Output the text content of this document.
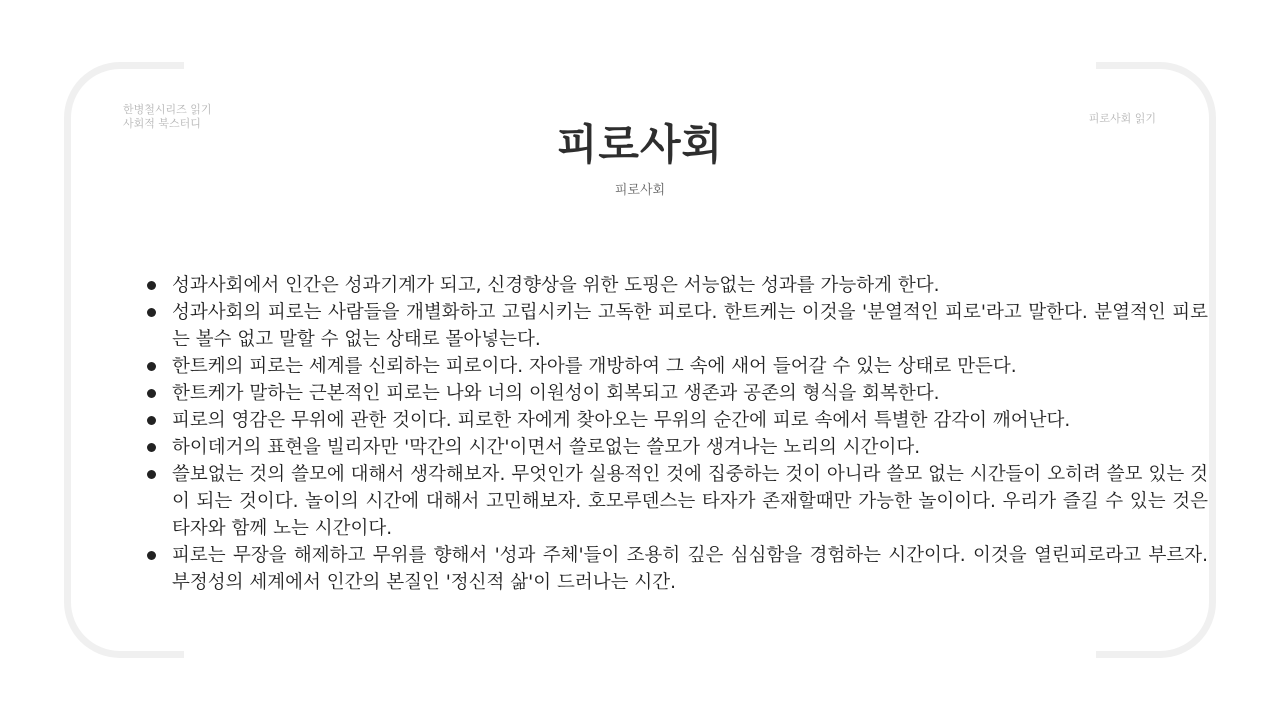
한병철시리즈 읽기
사회적 북스터디	피로사회 읽기
피로사회
피로사회
성과사회에서 인간은 성과기계가 되고, 신경향상을 위한 도핑은 서능없는 성과를 가능하게 한다.
성과사회의 피로는 사람들을 개별화하고 고립시키는 고독한 피로다. 한트케는 이것을 '분열적인 피로'라고 말한다. 분열적인 피로는 볼수 없고 말할 수 없는 상태로 몰아넣는다.
한트케의 피로는 세계를 신뢰하는 피로이다. 자아를 개방하여 그 속에 새어 들어갈 수 있는 상태로 만든다.
한트케가 말하는 근본적인 피로는 나와 너의 이원성이 회복되고 생존과 공존의 형식을 회복한다.
피로의 영감은 무위에 관한 것이다. 피로한 자에게 찾아오는 무위의 순간에 피로 속에서 특별한 감각이 깨어난다.
하이데거의 표현을 빌리자만 '막간의 시간'이면서 쓸로없는 쓸모가 생겨나는 노리의 시간이다.
쓸보없는 것의 쓸모에 대해서 생각해보자. 무엇인가 실용적인 것에 집중하는 것이 아니라 쓸모 없는 시간들이 오히려 쓸모 있는 것이 되는 것이다. 놀이의 시간에 대해서 고민해보자. 호모루덴스는 타자가 존재할때만 가능한 놀이이다. 우리가 즐길 수 있는 것은 타자와 함께 노는 시간이다.
피로는 무장을 해제하고 무위를 향해서 '성과 주체'들이 조용히 깊은 심심함을 경험하는 시간이다. 이것을 열린피로라고 부르자. 부정성의 세계에서 인간의 본질인 '정신적 삶'이 드러나는 시간.
